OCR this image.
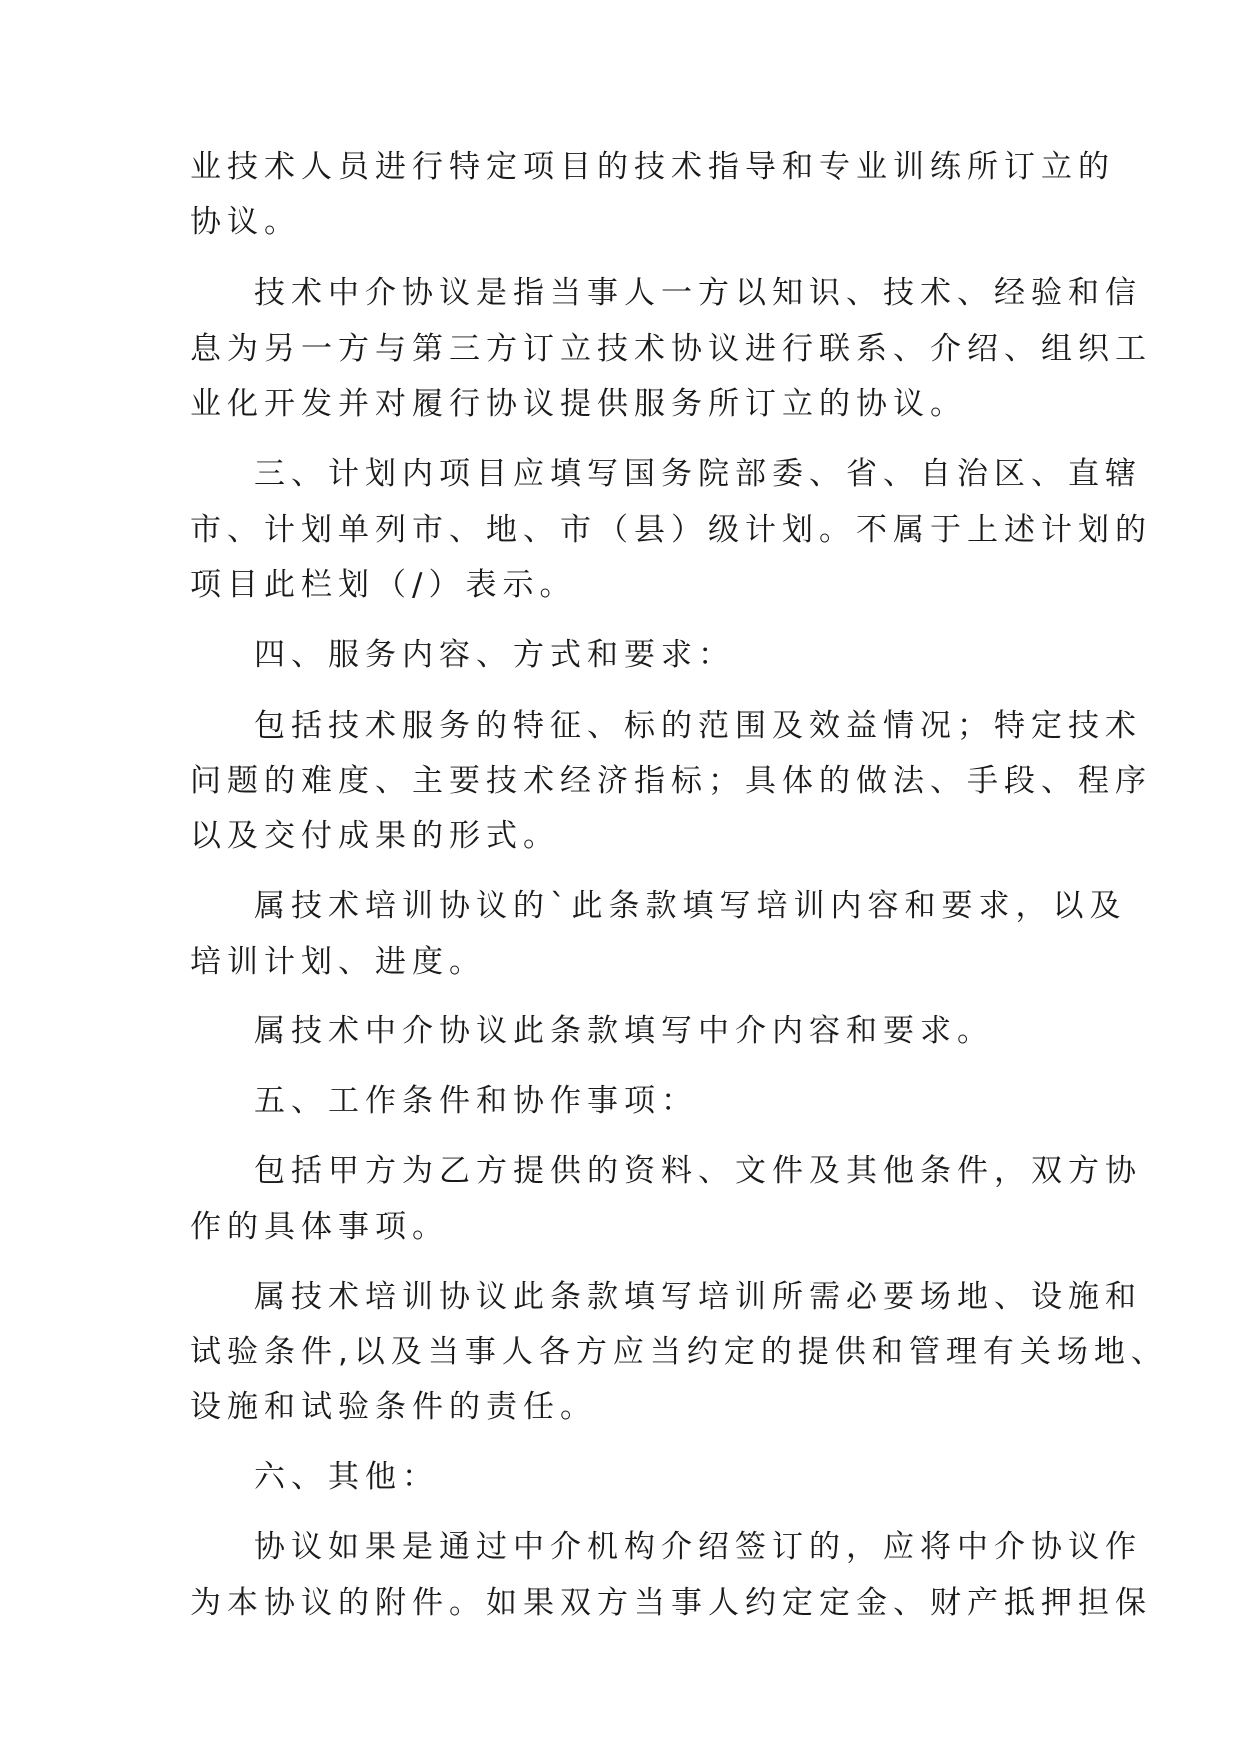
业技术人员进行特定项目的技术指导和专业训练所订立的
协议。
技术中介协议是指当事人一方以知识、技术、经验和信
息为另一方与第三方订立技术协议进行联系、介绍、组织工
业化开发并对履行协议提供服务所订立的协议。
三、计划内项目应填写国务院部委、省、自治区、直辖
市、计划单列市、地、市（县）级计划。不属于上述计划的
项目此栏划（/）表示。
四、服务内容、方式和要求：
包括技术服务的特征、标的范围及效益情况；特定技术
问题的难度、主要技术经济指标；具体的做法、手段、程序
以及交付成果的形式。
属技术培训协议的`此条款填写培训内容和要求，以及
培训计划、进度。
属技术中介协议此条款填写中介内容和要求。
五、工作条件和协作事项：
包括甲方为乙方提供的资料、文件及其他条件，双方协
作的具体事项。
属技术培训协议此条款填写培训所需必要场地、设施和
试验条件,以及当事人各方应当约定的提供和管理有关场地、
设施和试验条件的责任。
六、其他：
协议如果是通过中介机构介绍签订的，应将中介协议作
为本协议的附件。如果双方当事人约定定金、财产抵押担保
